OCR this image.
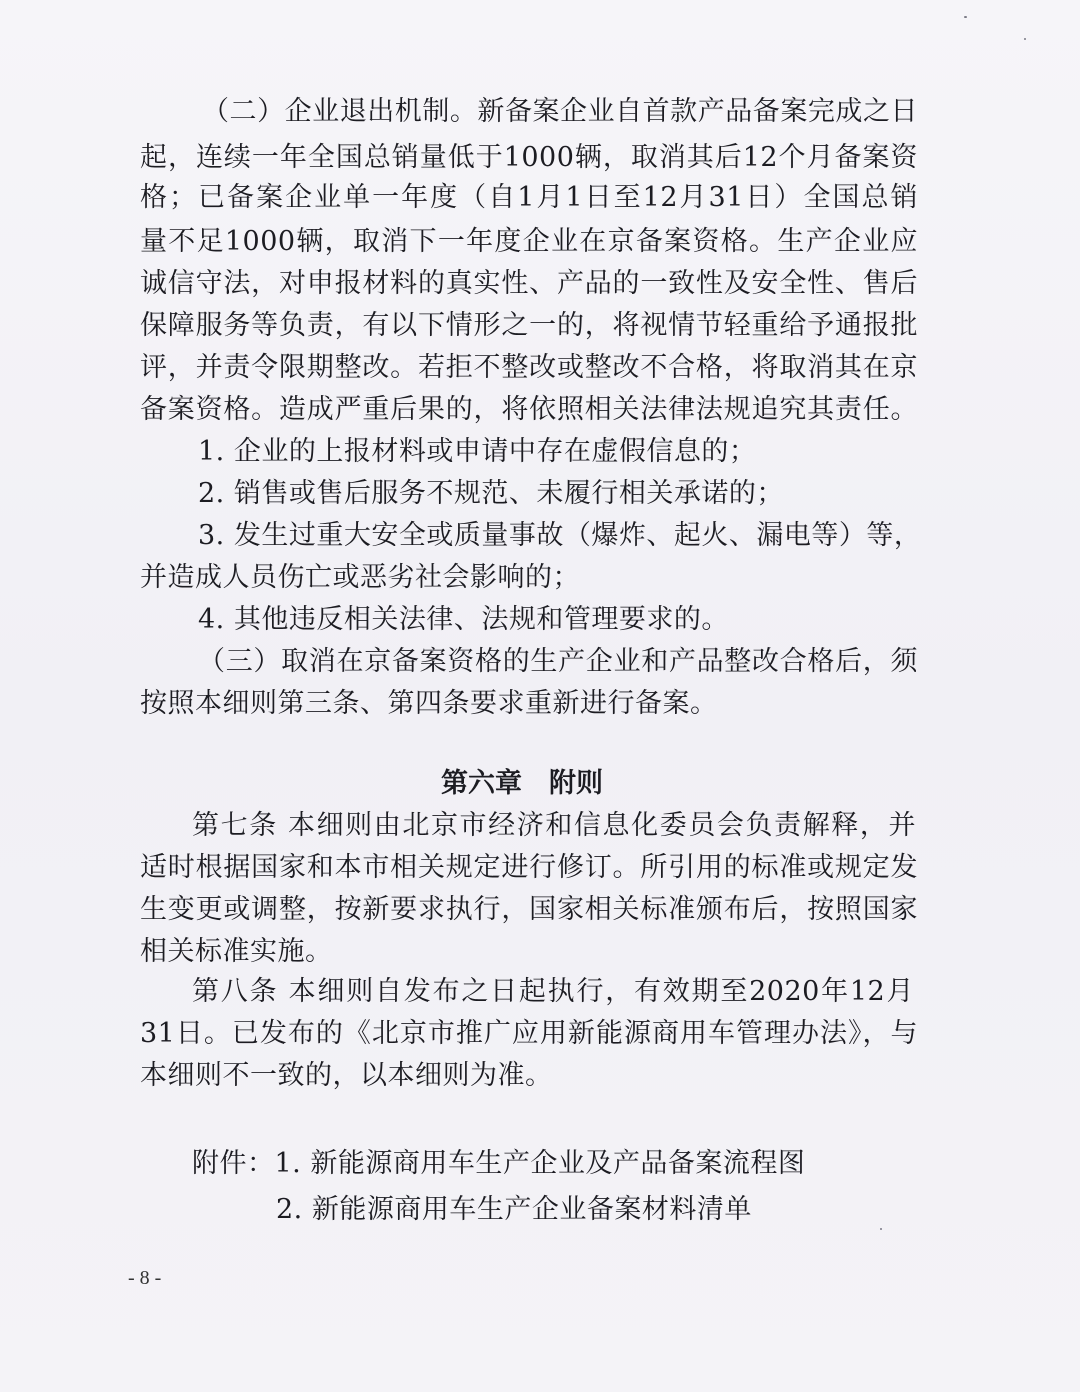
（二）企业退出机制。新备案企业自首款产品备案完成之日
起，连续一年全国总销量低于1000辆，取消其后12个月备案资
格；已备案企业单一年度（自1月1日至12月31日）全国总销
量不足1000辆，取消下一年度企业在京备案资格。生产企业应
诚信守法，对申报材料的真实性、产品的一致性及安全性、售后
保障服务等负责，有以下情形之一的，将视情节轻重给予通报批
评，并责令限期整改。若拒不整改或整改不合格，将取消其在京
备案资格。造成严重后果的，将依照相关法律法规追究其责任。
1. 企业的上报材料或申请中存在虚假信息的；
2. 销售或售后服务不规范、未履行相关承诺的；
3. 发生过重大安全或质量事故（爆炸、起火、漏电等）等，
并造成人员伤亡或恶劣社会影响的；
4. 其他违反相关法律、法规和管理要求的。
（三）取消在京备案资格的生产企业和产品整改合格后，须
按照本细则第三条、第四条要求重新进行备案。
第六章　附则
第七条 本细则由北京市经济和信息化委员会负责解释，并
适时根据国家和本市相关规定进行修订。所引用的标准或规定发
生变更或调整，按新要求执行，国家相关标准颁布后，按照国家
相关标准实施。
第八条 本细则自发布之日起执行，有效期至2020年12月
31日。已发布的《北京市推广应用新能源商用车管理办法》，与
本细则不一致的，以本细则为准。
附件：1. 新能源商用车生产企业及产品备案流程图
2. 新能源商用车生产企业备案材料清单
- 8 -
